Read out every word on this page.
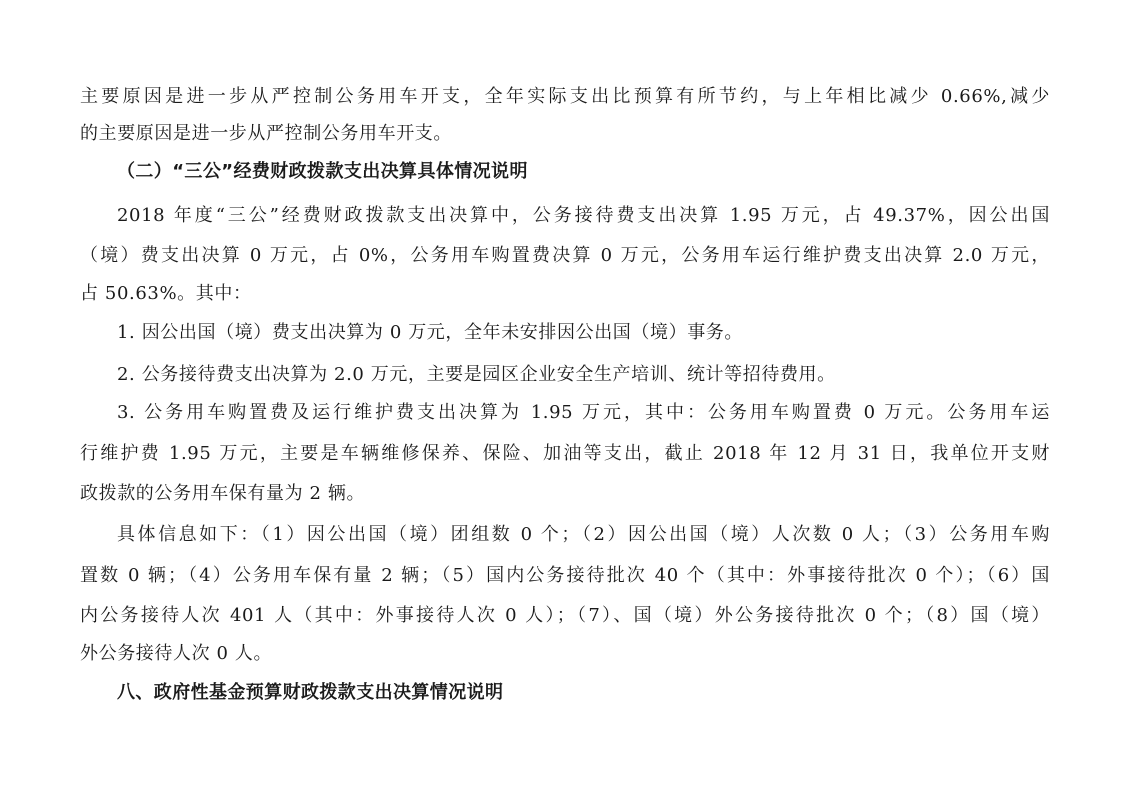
主要原因是进一步从严控制公务用车开支，全年实际支出比预算有所节约，与上年相比减少 0.66%,减少
的主要原因是进一步从严控制公务用车开支。
（二）“三公”经费财政拨款支出决算具体情况说明
2018 年度“三公”经费财政拨款支出决算中，公务接待费支出决算 1.95 万元，占 49.37%，因公出国
（境）费支出决算 0 万元，占 0%，公务用车购置费决算 0 万元，公务用车运行维护费支出决算 2.0 万元，
占 50.63%。其中：
1. 因公出国（境）费支出决算为 0 万元，全年未安排因公出国（境）事务。
2. 公务接待费支出决算为 2.0 万元，主要是园区企业安全生产培训、统计等招待费用。
3. 公务用车购置费及运行维护费支出决算为 1.95 万元，其中：公务用车购置费 0 万元。公务用车运
行维护费 1.95 万元，主要是车辆维修保养、保险、加油等支出，截止 2018 年 12 月 31 日，我单位开支财
政拨款的公务用车保有量为 2 辆。
具体信息如下：（1）因公出国（境）团组数 0 个；（2）因公出国（境）人次数 0 人；（3）公务用车购
置数 0 辆；（4）公务用车保有量 2 辆；（5）国内公务接待批次 40 个（其中：外事接待批次 0 个）；（6）国
内公务接待人次 401 人（其中：外事接待人次 0 人）；（7）、国（境）外公务接待批次 0 个；（8）国（境）
外公务接待人次 0 人。
八、政府性基金预算财政拨款支出决算情况说明
